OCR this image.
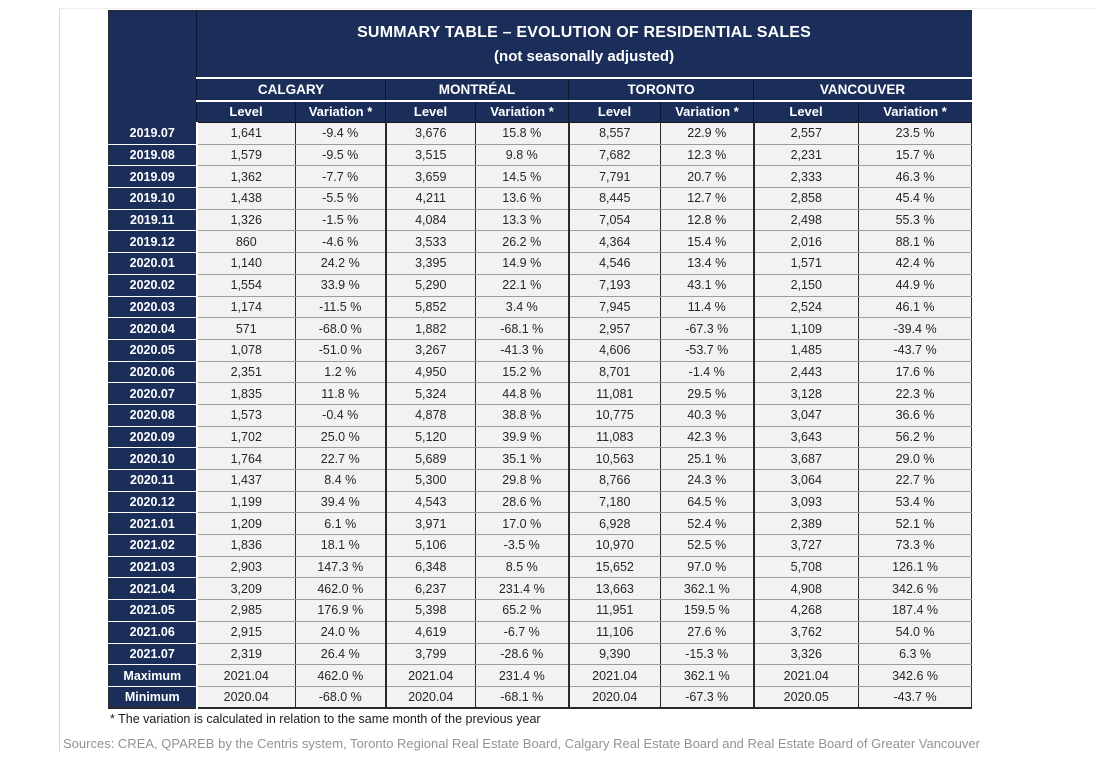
	SUMMARY TABLE – EVOLUTION OF RESIDENTIAL SALES
(not seasonally adjusted)							

	CALGARY		MONTRÉAL		TORONTO		VANCOUVER	
	Level	Variation *	Level	Variation *	Level	Variation *	Level	Variation *
2019.07	1,641	-9.4 %	3,676	15.8 %	8,557	22.9 %	2,557	23.5 %
2019.08	1,579	-9.5 %	3,515	9.8 %	7,682	12.3 %	2,231	15.7 %
2019.09	1,362	-7.7 %	3,659	14.5 %	7,791	20.7 %	2,333	46.3 %
2019.10	1,438	-5.5 %	4,211	13.6 %	8,445	12.7 %	2,858	45.4 %
2019.11	1,326	-1.5 %	4,084	13.3 %	7,054	12.8 %	2,498	55.3 %
2019.12	860	-4.6 %	3,533	26.2 %	4,364	15.4 %	2,016	88.1 %
2020.01	1,140	24.2 %	3,395	14.9 %	4,546	13.4 %	1,571	42.4 %
2020.02	1,554	33.9 %	5,290	22.1 %	7,193	43.1 %	2,150	44.9 %
2020.03	1,174	-11.5 %	5,852	3.4 %	7,945	11.4 %	2,524	46.1 %
2020.04	571	-68.0 %	1,882	-68.1 %	2,957	-67.3 %	1,109	-39.4 %
2020.05	1,078	-51.0 %	3,267	-41.3 %	4,606	-53.7 %	1,485	-43.7 %
2020.06	2,351	1.2 %	4,950	15.2 %	8,701	-1.4 %	2,443	17.6 %
2020.07	1,835	11.8 %	5,324	44.8 %	11,081	29.5 %	3,128	22.3 %
2020.08	1,573	-0.4 %	4,878	38.8 %	10,775	40.3 %	3,047	36.6 %
2020.09	1,702	25.0 %	5,120	39.9 %	11,083	42.3 %	3,643	56.2 %
2020.10	1,764	22.7 %	5,689	35.1 %	10,563	25.1 %	3,687	29.0 %
2020.11	1,437	8.4 %	5,300	29.8 %	8,766	24.3 %	3,064	22.7 %
2020.12	1,199	39.4 %	4,543	28.6 %	7,180	64.5 %	3,093	53.4 %
2021.01	1,209	6.1 %	3,971	17.0 %	6,928	52.4 %	2,389	52.1 %
2021.02	1,836	18.1 %	5,106	-3.5 %	10,970	52.5 %	3,727	73.3 %
2021.03	2,903	147.3 %	6,348	8.5 %	15,652	97.0 %	5,708	126.1 %
2021.04	3,209	462.0 %	6,237	231.4 %	13,663	362.1 %	4,908	342.6 %
2021.05	2,985	176.9 %	5,398	65.2 %	11,951	159.5 %	4,268	187.4 %
2021.06	2,915	24.0 %	4,619	-6.7 %	11,106	27.6 %	3,762	54.0 %
2021.07	2,319	26.4 %	3,799	-28.6 %	9,390	-15.3 %	3,326	6.3 %
Maximum	2021.04	462.0 %	2021.04	231.4 %	2021.04	362.1 %	2021.04	342.6 %
Minimum	2020.04	-68.0 %	2020.04	-68.1 %	2020.04	-67.3 %	2020.05	-43.7 %
* The variation is calculated in relation to the same month of the previous year
Sources: CREA, QPAREB by the Centris system, Toronto Regional Real Estate Board, Calgary Real Estate Board and Real Estate Board of Greater Vancouver
